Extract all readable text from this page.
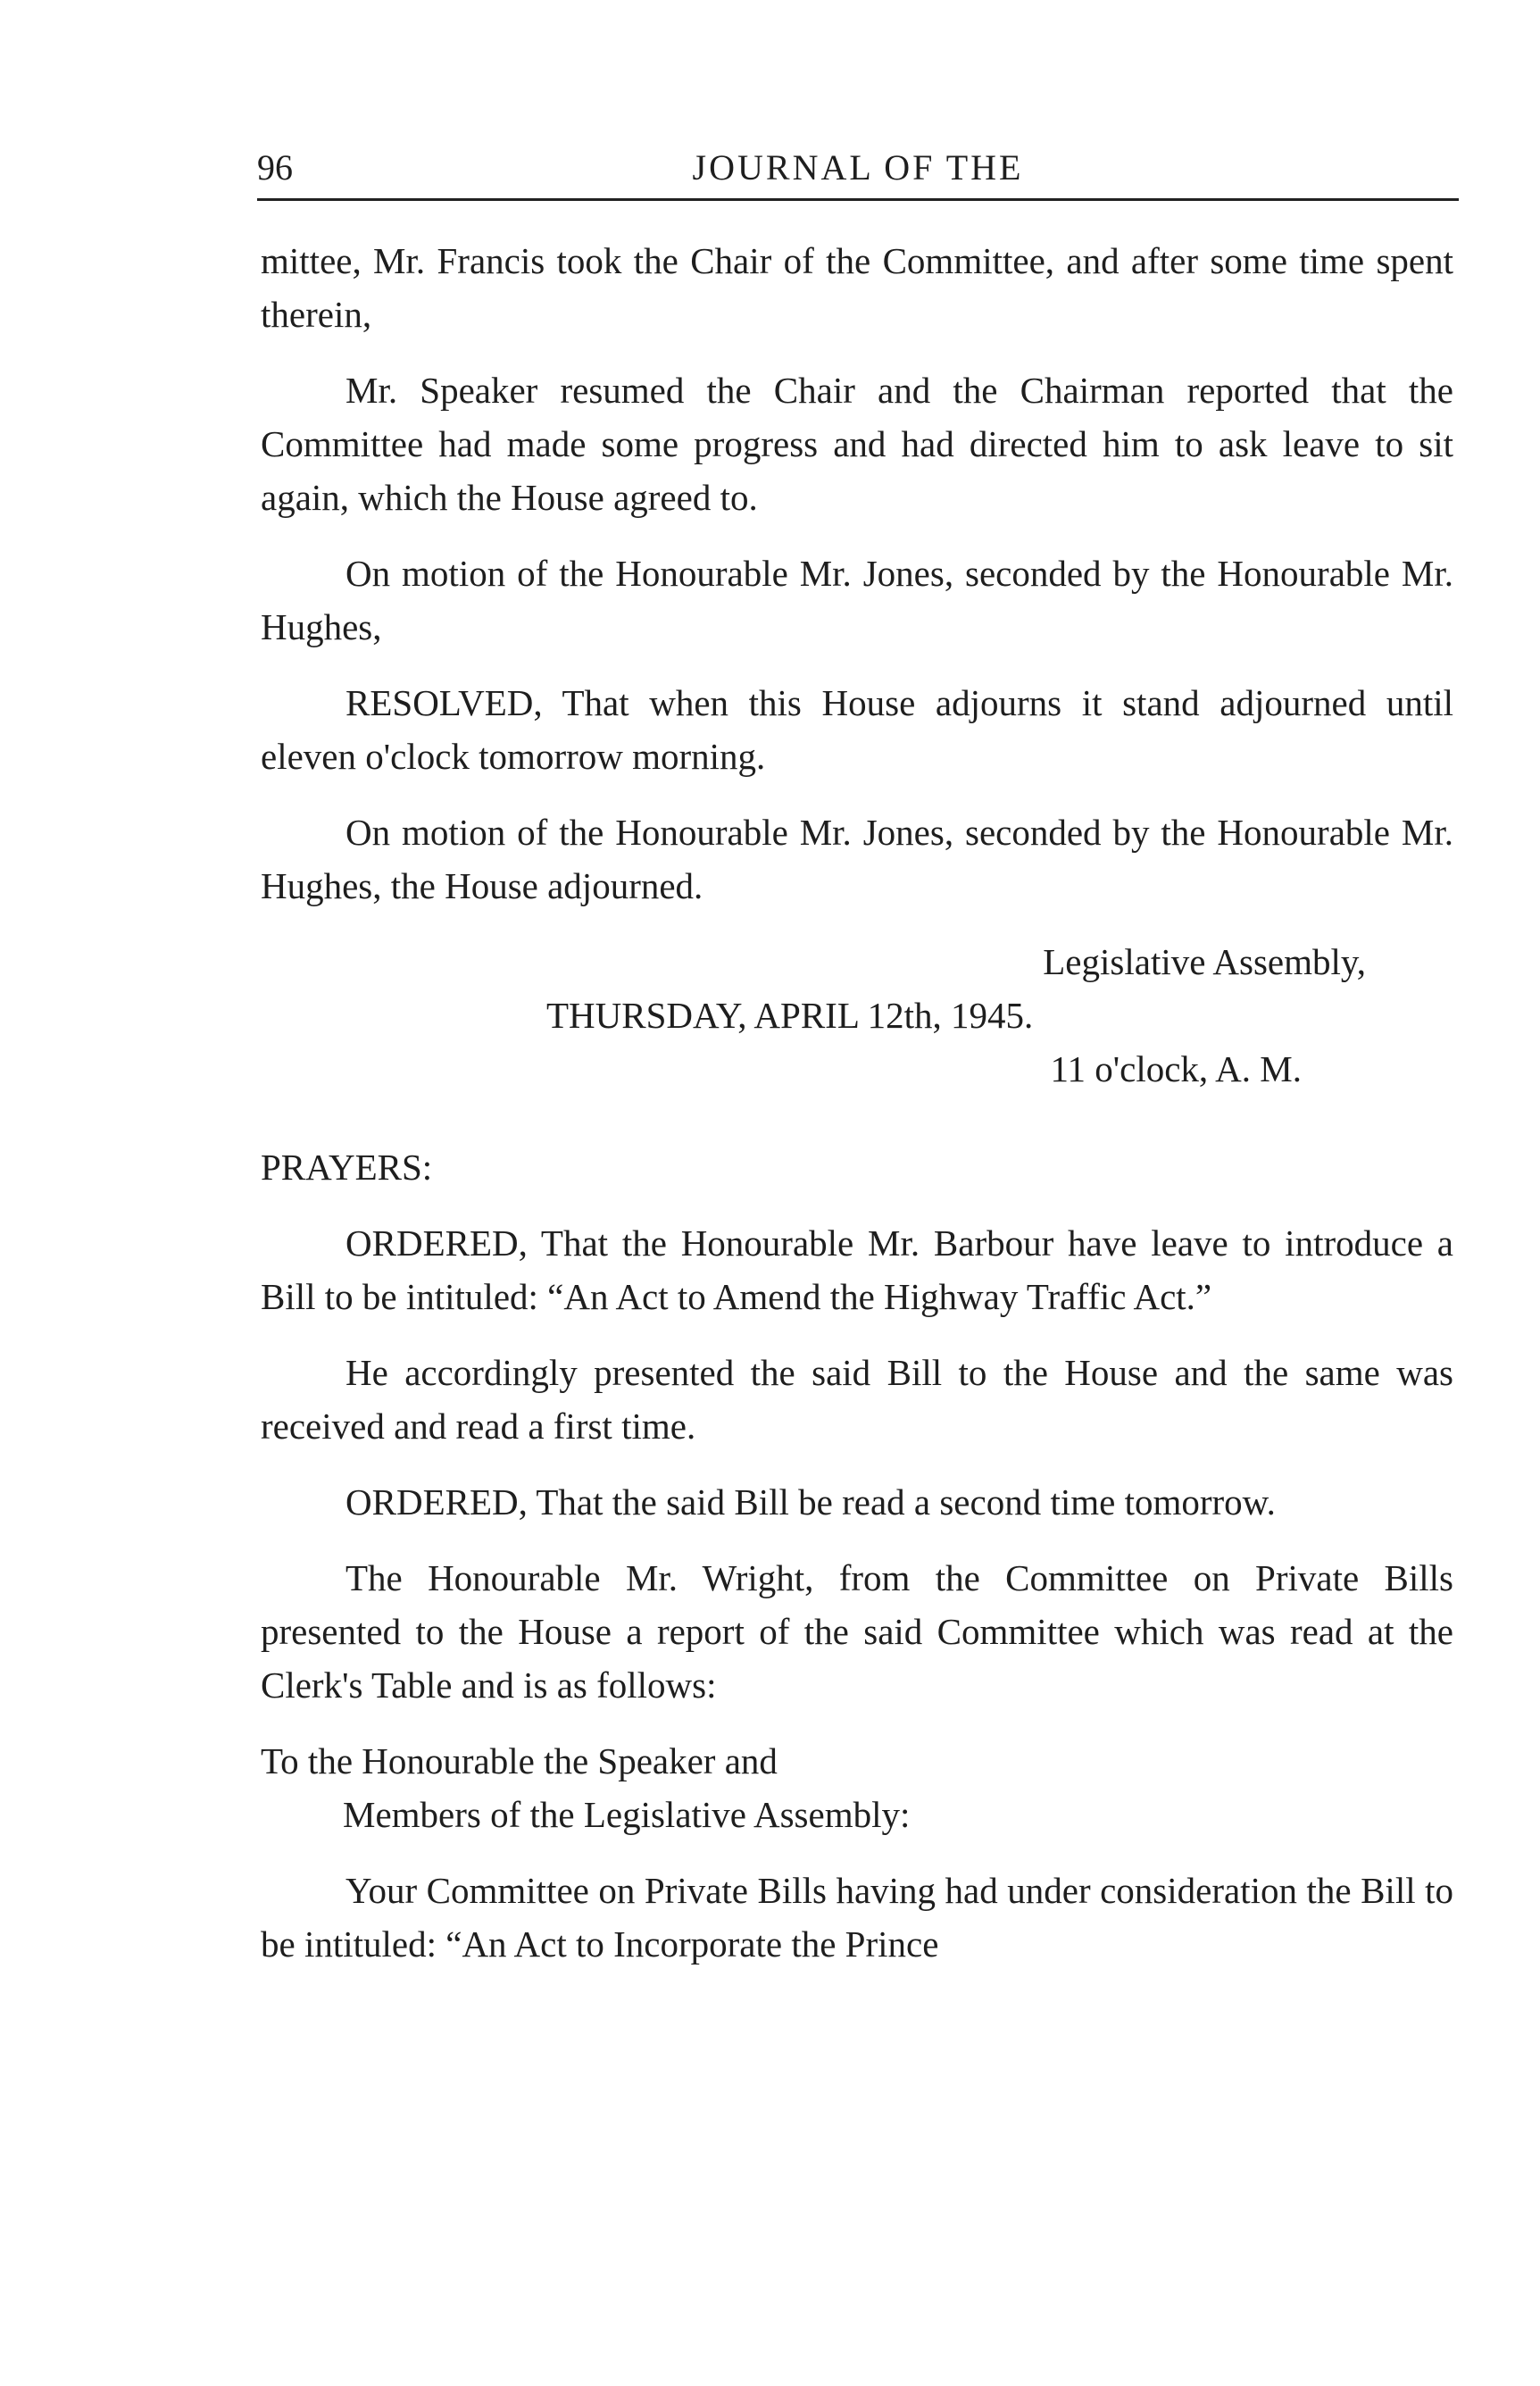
96	JOURNAL OF THE

mittee, Mr. Francis took the Chair of the Committee, and after some time spent therein,

Mr. Speaker resumed the Chair and the Chairman reported that the Committee had made some progress and had directed him to ask leave to sit again, which the House agreed to.

On motion of the Honourable Mr. Jones, seconded by the Honourable Mr. Hughes,

RESOLVED, That when this House adjourns it stand adjourned until eleven o'clock tomorrow morning.

On motion of the Honourable Mr. Jones, seconded by the Honourable Mr. Hughes, the House adjourned.

Legislative Assembly,
THURSDAY, APRIL 12th, 1945.
11 o'clock, A. M.

PRAYERS:

ORDERED, That the Honourable Mr. Barbour have leave to introduce a Bill to be intituled: “An Act to Amend the Highway Traffic Act.”

He accordingly presented the said Bill to the House and the same was received and read a first time.

ORDERED, That the said Bill be read a second time tomorrow.

The Honourable Mr. Wright, from the Committee on Private Bills presented to the House a report of the said Committee which was read at the Clerk's Table and is as follows:

To the Honourable the Speaker and
Members of the Legislative Assembly:

Your Committee on Private Bills having had under consideration the Bill to be intituled: “An Act to Incorporate the Prince
